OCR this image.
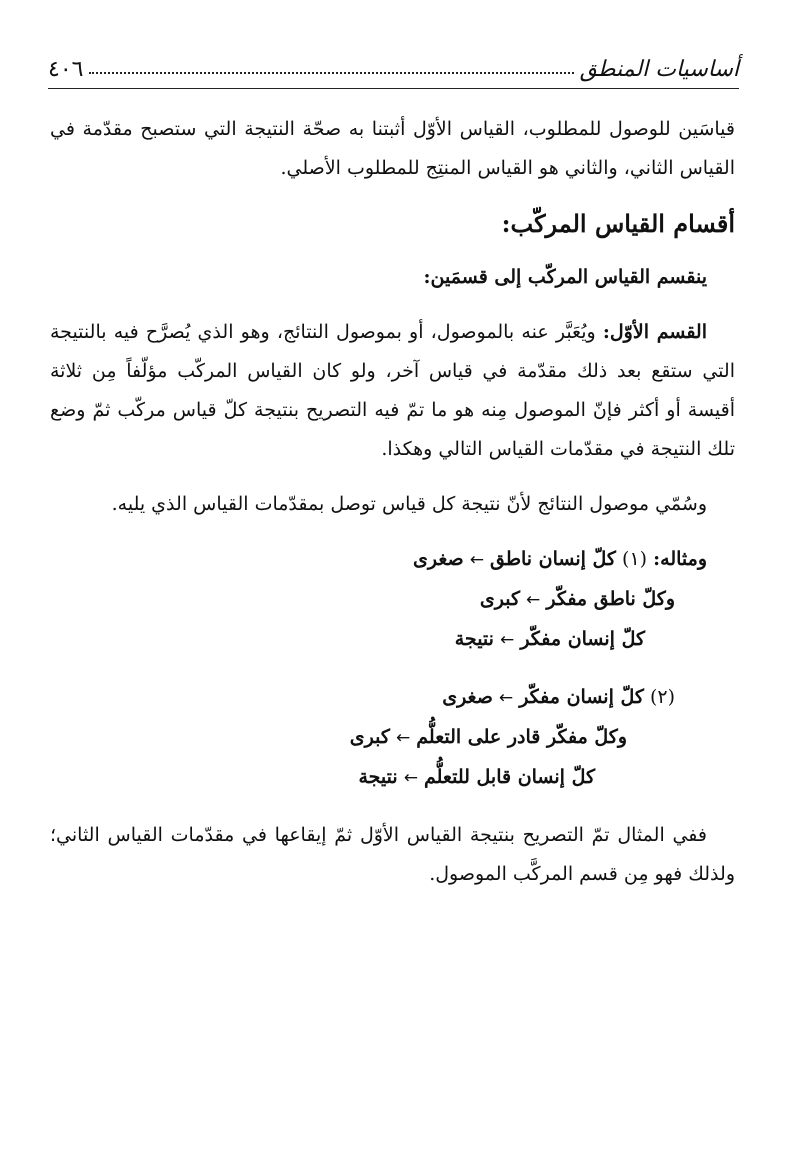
أساسيات المنطق
٤٠٦

قياسَين للوصول للمطلوب، القياس الأوّل أثبتنا به صحّة النتيجة التي ستصبح مقدّمة في القياس الثاني، والثاني هو القياس المنتِج للمطلوب الأصلي.

أقسام القياس المركّب:

ينقسم القياس المركّب إلى قسمَين:

القسم الأوّل: ويُعَبَّر عنه بالموصول، أو بموصول النتائج، وهو الذي يُصرَّح فيه بالنتيجة التي ستقع بعد ذلك مقدّمة في قياس آخر، ولو كان القياس المركّب مؤلّفاً مِن ثلاثة أقيسة أو أكثر فإنّ الموصول مِنه هو ما تمّ فيه التصريح بنتيجة كلّ قياس مركّب ثمّ وضع تلك النتيجة في مقدّمات القياس التالي وهكذا.

وسُمّي موصول النتائج لأنّ نتيجة كل قياس توصل بمقدّمات القياس الذي يليه.

ومثاله: (١) كلّ إنسان ناطق ← صغرى

وكلّ ناطق مفكّر ← كبرى

كلّ إنسان مفكّر ← نتيجة

(٢) كلّ إنسان مفكّر ← صغرى

وكلّ مفكّر قادر على التعلُّم ← كبرى

كلّ إنسان قابل للتعلُّم ← نتيجة

ففي المثال تمّ التصريح بنتيجة القياس الأوّل ثمّ إيقاعها في مقدّمات القياس الثاني؛ ولذلك فهو مِن قسم المركَّب الموصول.
